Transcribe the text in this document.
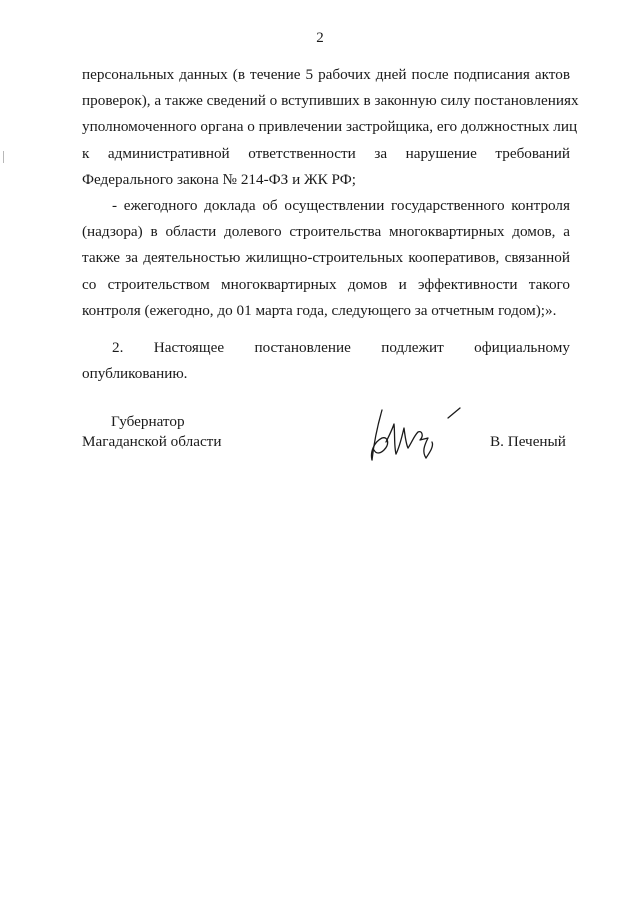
2
персональных данных (в течение 5 рабочих дней после подписания актов
проверок), а также сведений о вступивших в законную силу постановлениях
уполномоченного органа о привлечении застройщика, его должностных лиц
к административной ответственности за нарушение требований
Федерального закона № 214-ФЗ и ЖК РФ;
- ежегодного доклада об осуществлении государственного контроля
(надзора) в области долевого строительства многоквартирных домов, а
также за деятельностью жилищно-строительных кооперативов, связанной
со строительством многоквартирных домов и эффективности такого
контроля (ежегодно, до 01 марта года, следующего за отчетным годом);».
2. Настоящее постановление подлежит официальному
опубликованию.
Губернатор
Магаданской области	В. Печеный
